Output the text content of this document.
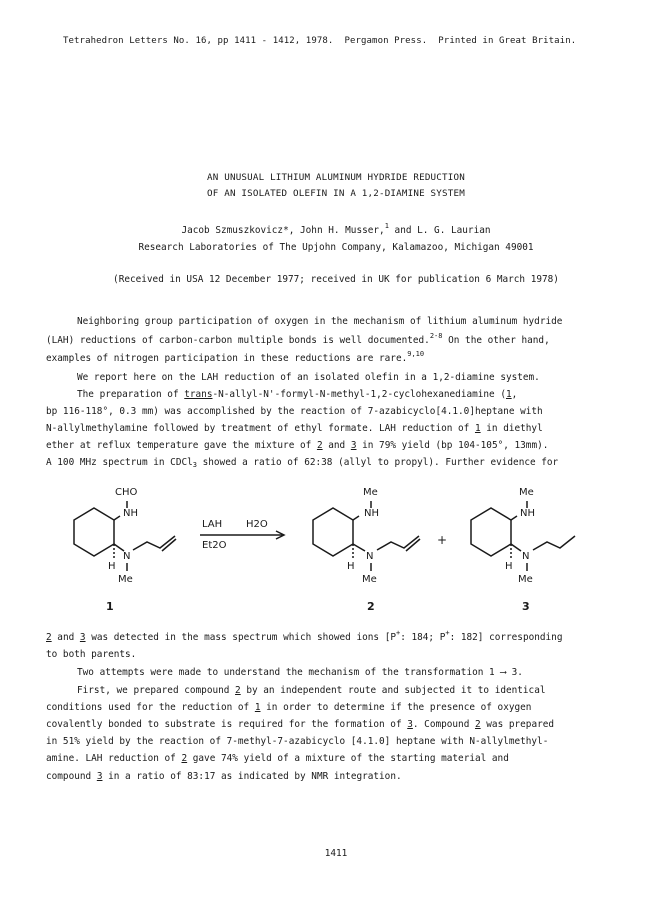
Tetrahedron Letters No. 16, pp 1411 - 1412, 1978. Pergamon Press. Printed in Great Britain.
AN UNUSUAL LITHIUM ALUMINUM HYDRIDE REDUCTION
OF AN ISOLATED OLEFIN IN A 1,2-DIAMINE SYSTEM
Jacob Szmuszkovicz*, John H. Musser,$^1$ and L. G. Laurian
Research Laboratories of The Upjohn Company, Kalamazoo, Michigan 49001
(Received in USA 12 December 1977; received in UK for publication 6 March 1978)
Neighboring group participation of oxygen in the mechanism of lithium aluminum hydride
(LAH) reductions of carbon-carbon multiple bonds is well documented.$^{2-8}$ On the other hand,
examples of nitrogen participation in these reductions are rare.$^{9,10}$
We report here on the LAH reduction of an isolated olefin in a 1,2-diamine system.
The preparation of trans-N-allyl-N'-formyl-N-methyl-1,2-cyclohexanediamine (1,
bp 116-118°, 0.3 mm) was accomplished by the reaction of 7-azabicyclo[4.1.0]heptane with
N-allylmethylamine followed by treatment of ethyl formate. LAH reduction of 1 in diethyl
ether at reflux temperature gave the mixture of 2 and 3 in 79% yield (bp 104-105°, 13mm).
A 100 MHz spectrum in CDCl$_3$ showed a ratio of 62:38 (allyl to propyl). Further evidence for
CHO
NH
H
N
Me
LAH H2O
Et2O
Me
NH
H
N
Me
+
Me
NH
H
N
Me
1	2	3
2 and 3 was detected in the mass spectrum which showed ions [P+: 184; P+: 182] corresponding
to both parents.
Two attempts were made to understand the mechanism of the transformation 1 ⟶ 3.
First, we prepared compound 2 by an independent route and subjected it to identical
conditions used for the reduction of 1 in order to determine if the presence of oxygen
covalently bonded to substrate is required for the formation of 3. Compound 2 was prepared
in 51% yield by the reaction of 7-methyl-7-azabicyclo [4.1.0] heptane with N-allylmethyl-
amine. LAH reduction of 2 gave 74% yield of a mixture of the starting material and
compound 3 in a ratio of 83:17 as indicated by NMR integration.
1411
